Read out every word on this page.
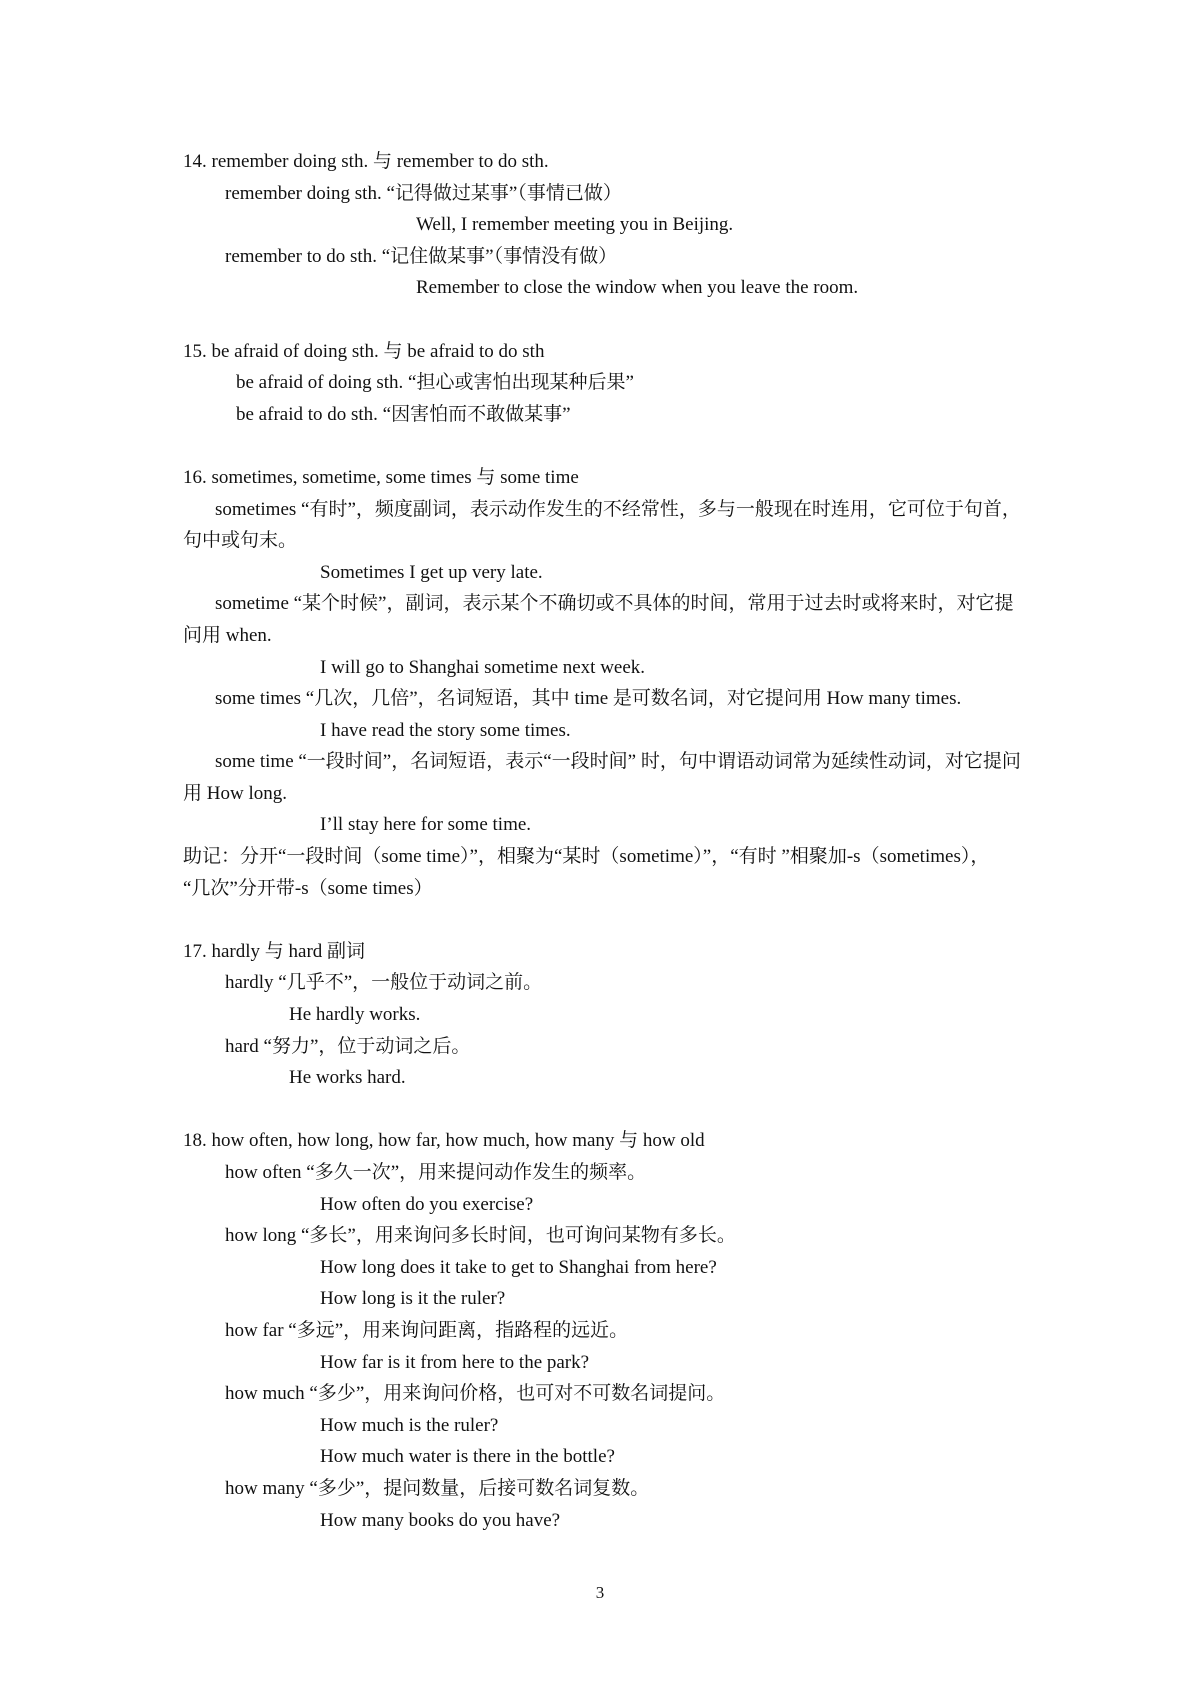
14. remember doing sth. 与 remember to do sth.
remember doing sth. “记得做过某事”（事情已做）
Well, I remember meeting you in Beijing.
remember to do sth. “记住做某事”（事情没有做）
Remember to close the window when you leave the room.
15. be afraid of doing sth. 与 be afraid to do sth
be afraid of doing sth. “担心或害怕出现某种后果”
be afraid to do sth. “因害怕而不敢做某事”
16. sometimes, sometime, some times 与 some time
sometimes “有时”，频度副词，表示动作发生的不经常性，多与一般现在时连用，它可位于句首，句中或句末。
Sometimes I get up very late.
sometime “某个时候”，副词，表示某个不确切或不具体的时间，常用于过去时或将来时，对它提问用 when.
I will go to Shanghai sometime next week.
some times “几次，几倍”，名词短语，其中 time 是可数名词，对它提问用 How many times.
I have read the story some times.
some time “一段时间”，名词短语，表示“一段时间” 时，句中谓语动词常为延续性动词，对它提问用 How long.
I’ll stay here for some time.
助记：分开“一段时间（some time）”，相聚为“某时（sometime）”，“有时 ”相聚加-s（sometimes），
“几次”分开带-s（some times）
17. hardly 与 hard 副词
hardly “几乎不”，一般位于动词之前。
He hardly works.
hard “努力”，位于动词之后。
He works hard.
18. how often, how long, how far, how much, how many 与 how old
how often “多久一次”，用来提问动作发生的频率。
How often do you exercise?
how long “多长”，用来询问多长时间，也可询问某物有多长。
How long does it take to get to Shanghai from here?
How long is it the ruler?
how far “多远”，用来询问距离，指路程的远近。
How far is it from here to the park?
how much “多少”，用来询问价格，也可对不可数名词提问。
How much is the ruler?
How much water is there in the bottle?
how many “多少”，提问数量，后接可数名词复数。
How many books do you have?
3
